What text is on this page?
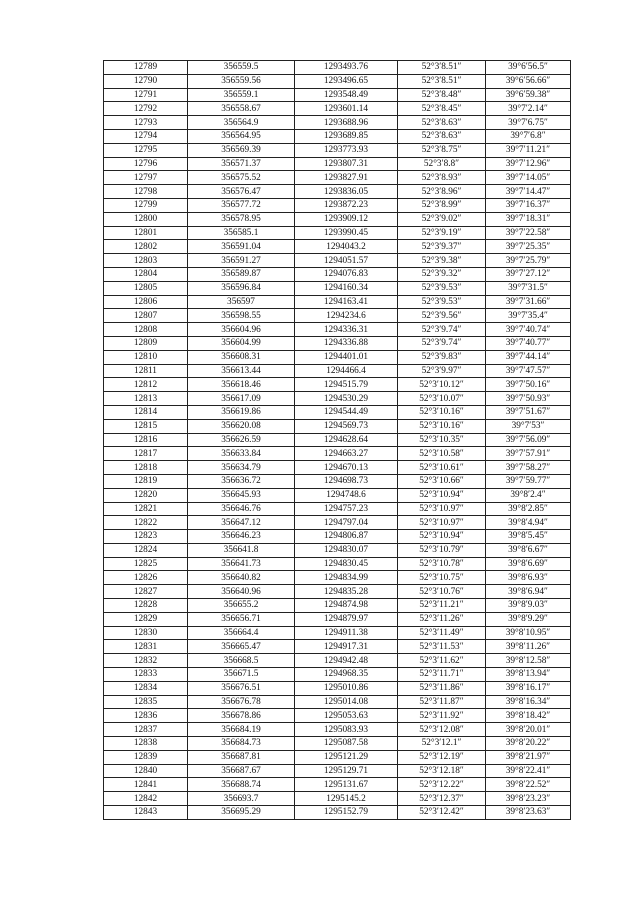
12789	356559.5	1293493.76	52°3′8.51″	39°6′56.5″
12790	356559.56	1293496.65	52°3′8.51″	39°6′56.66″
12791	356559.1	1293548.49	52°3′8.48″	39°6′59.38″
12792	356558.67	1293601.14	52°3′8.45″	39°7′2.14″
12793	356564.9	1293688.96	52°3′8.63″	39°7′6.75″
12794	356564.95	1293689.85	52°3′8.63″	39°7′6.8″
12795	356569.39	1293773.93	52°3′8.75″	39°7′11.21″
12796	356571.37	1293807.31	52°3′8.8″	39°7′12.96″
12797	356575.52	1293827.91	52°3′8.93″	39°7′14.05″
12798	356576.47	1293836.05	52°3′8.96″	39°7′14.47″
12799	356577.72	1293872.23	52°3′8.99″	39°7′16.37″
12800	356578.95	1293909.12	52°3′9.02″	39°7′18.31″
12801	356585.1	1293990.45	52°3′9.19″	39°7′22.58″
12802	356591.04	1294043.2	52°3′9.37″	39°7′25.35″
12803	356591.27	1294051.57	52°3′9.38″	39°7′25.79″
12804	356589.87	1294076.83	52°3′9.32″	39°7′27.12″
12805	356596.84	1294160.34	52°3′9.53″	39°7′31.5″
12806	356597	1294163.41	52°3′9.53″	39°7′31.66″
12807	356598.55	1294234.6	52°3′9.56″	39°7′35.4″
12808	356604.96	1294336.31	52°3′9.74″	39°7′40.74″
12809	356604.99	1294336.88	52°3′9.74″	39°7′40.77″
12810	356608.31	1294401.01	52°3′9.83″	39°7′44.14″
12811	356613.44	1294466.4	52°3′9.97″	39°7′47.57″
12812	356618.46	1294515.79	52°3′10.12″	39°7′50.16″
12813	356617.09	1294530.29	52°3′10.07″	39°7′50.93″
12814	356619.86	1294544.49	52°3′10.16″	39°7′51.67″
12815	356620.08	1294569.73	52°3′10.16″	39°7′53″
12816	356626.59	1294628.64	52°3′10.35″	39°7′56.09″
12817	356633.84	1294663.27	52°3′10.58″	39°7′57.91″
12818	356634.79	1294670.13	52°3′10.61″	39°7′58.27″
12819	356636.72	1294698.73	52°3′10.66″	39°7′59.77″
12820	356645.93	1294748.6	52°3′10.94″	39°8′2.4″
12821	356646.76	1294757.23	52°3′10.97″	39°8′2.85″
12822	356647.12	1294797.04	52°3′10.97″	39°8′4.94″
12823	356646.23	1294806.87	52°3′10.94″	39°8′5.45″
12824	356641.8	1294830.07	52°3′10.79″	39°8′6.67″
12825	356641.73	1294830.45	52°3′10.78″	39°8′6.69″
12826	356640.82	1294834.99	52°3′10.75″	39°8′6.93″
12827	356640.96	1294835.28	52°3′10.76″	39°8′6.94″
12828	356655.2	1294874.98	52°3′11.21″	39°8′9.03″
12829	356656.71	1294879.97	52°3′11.26″	39°8′9.29″
12830	356664.4	1294911.38	52°3′11.49″	39°8′10.95″
12831	356665.47	1294917.31	52°3′11.53″	39°8′11.26″
12832	356668.5	1294942.48	52°3′11.62″	39°8′12.58″
12833	356671.5	1294968.35	52°3′11.71″	39°8′13.94″
12834	356676.51	1295010.86	52°3′11.86″	39°8′16.17″
12835	356676.78	1295014.08	52°3′11.87″	39°8′16.34″
12836	356678.86	1295053.63	52°3′11.92″	39°8′18.42″
12837	356684.19	1295083.93	52°3′12.08″	39°8′20.01″
12838	356684.73	1295087.58	52°3′12.1″	39°8′20.22″
12839	356687.81	1295121.29	52°3′12.19″	39°8′21.97″
12840	356687.67	1295129.71	52°3′12.18″	39°8′22.41″
12841	356688.74	1295131.67	52°3′12.22″	39°8′22.52″
12842	356693.7	1295145.2	52°3′12.37″	39°8′23.23″
12843	356695.29	1295152.79	52°3′12.42″	39°8′23.63″
